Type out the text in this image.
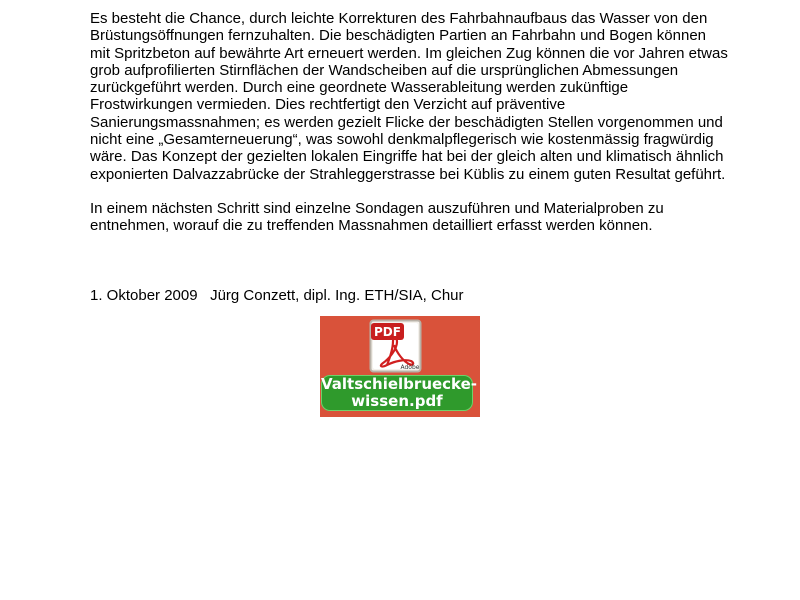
Es besteht die Chance, durch leichte Korrekturen des Fahrbahnaufbaus das Wasser von den Brüstungsöffnungen fernzuhalten. Die beschädigten Partien an Fahrbahn und Bogen können mit Spritzbeton auf bewährte Art erneuert werden. Im gleichen Zug können die vor Jahren etwas grob aufprofilierten Stirnflächen der Wandscheiben auf die ursprünglichen Abmessungen zurückgeführt werden. Durch eine geordnete Wasserableitung werden zukünftige Frostwirkungen vermieden. Dies rechtfertigt den Verzicht auf präventive Sanierungsmassnahmen; es werden gezielt Flicke der beschädigten Stellen vorgenommen und nicht eine „Gesamterneuerung“, was sowohl denkmalpflegerisch wie kostenmässig fragwürdig wäre. Das Konzept der gezielten lokalen Eingriffe hat bei der gleich alten und klimatisch ähnlich exponierten Dalvazzabrücke der Strahleggerstrasse bei Küblis zu einem guten Resultat geführt.

In einem nächsten Schritt sind einzelne Sondagen auszuführen und Materialproben zu entnehmen, worauf die zu treffenden Massnahmen detailliert erfasst werden können.

1. Oktober 2009   Jürg Conzett, dipl. Ing. ETH/SIA, Chur
PDF
Adobe
Valtschielbruecke-
wissen.pdf
